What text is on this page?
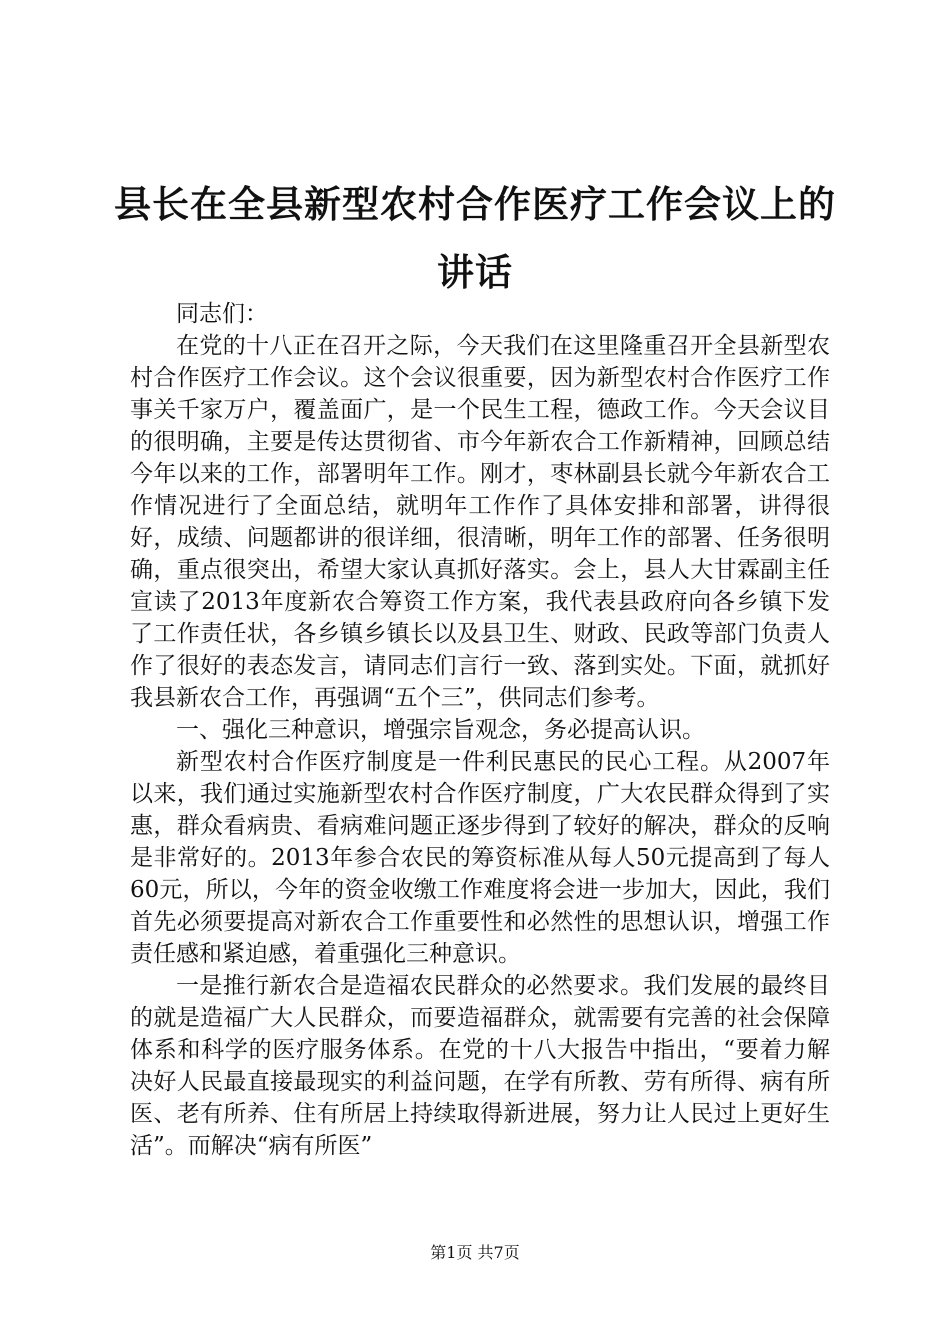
县长在全县新型农村合作医疗工作会议上的讲话

同志们：

在党的十八正在召开之际，今天我们在这里隆重召开全县新型农村合作医疗工作会议。这个会议很重要，因为新型农村合作医疗工作事关千家万户，覆盖面广，是一个民生工程，德政工作。今天会议目的很明确，主要是传达贯彻省、市今年新农合工作新精神，回顾总结今年以来的工作，部署明年工作。刚才，枣林副县长就今年新农合工作情况进行了全面总结，就明年工作作了具体安排和部署，讲得很好，成绩、问题都讲的很详细，很清晰，明年工作的部署、任务很明确，重点很突出，希望大家认真抓好落实。会上，县人大甘霖副主任宣读了2013年度新农合筹资工作方案，我代表县政府向各乡镇下发了工作责任状，各乡镇乡镇长以及县卫生、财政、民政等部门负责人作了很好的表态发言，请同志们言行一致、落到实处。下面，就抓好我县新农合工作，再强调“五个三”，供同志们参考。

一、强化三种意识，增强宗旨观念，务必提高认识。

新型农村合作医疗制度是一件利民惠民的民心工程。从2007年以来，我们通过实施新型农村合作医疗制度，广大农民群众得到了实惠，群众看病贵、看病难问题正逐步得到了较好的解决，群众的反响是非常好的。2013年参合农民的筹资标准从每人50元提高到了每人60元，所以，今年的资金收缴工作难度将会进一步加大，因此，我们首先必须要提高对新农合工作重要性和必然性的思想认识，增强工作责任感和紧迫感，着重强化三种意识。

一是推行新农合是造福农民群众的必然要求。我们发展的最终目的就是造福广大人民群众，而要造福群众，就需要有完善的社会保障体系和科学的医疗服务体系。在党的十八大报告中指出，“要着力解决好人民最直接最现实的利益问题，在学有所教、劳有所得、病有所医、老有所养、住有所居上持续取得新进展，努力让人民过上更好生活”。而解决“病有所医”

第1页 共7页
